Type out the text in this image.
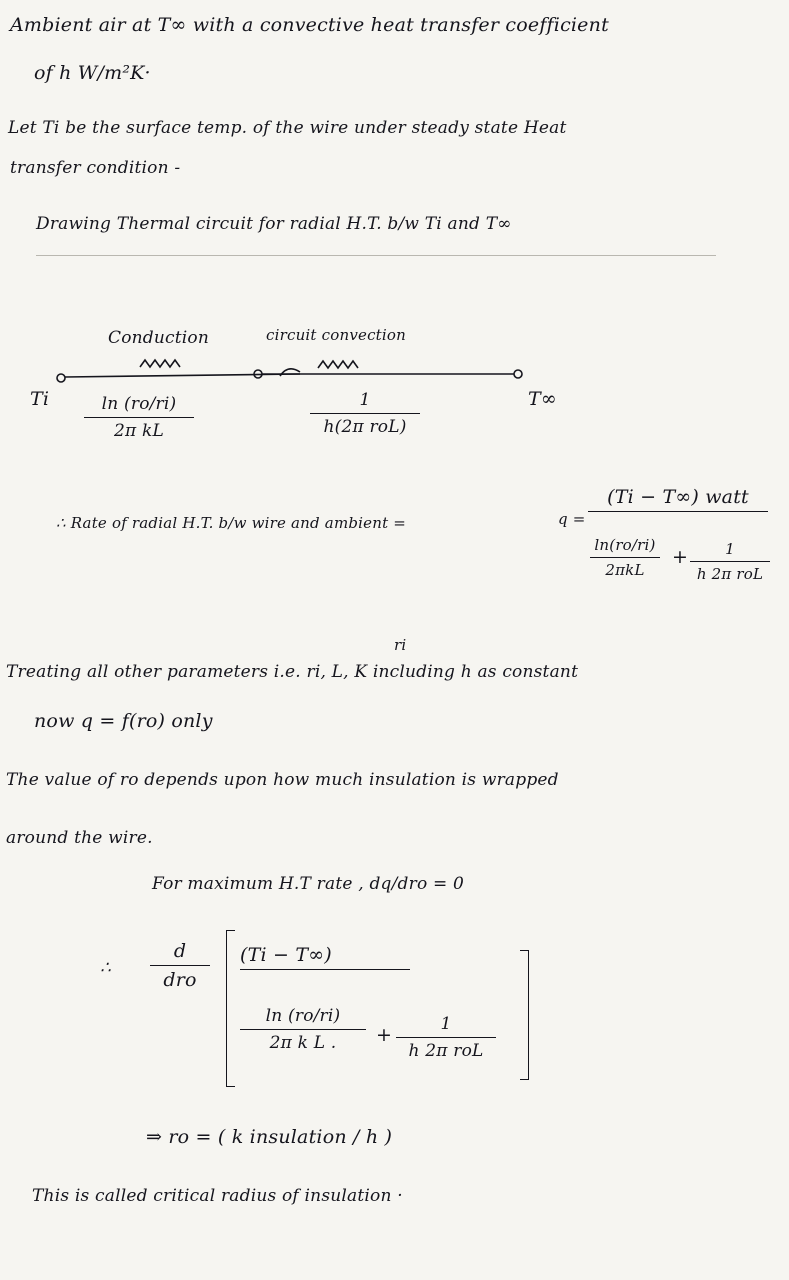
Ambient air at T∞ with a convective heat transfer coefficient
of h W/m²K·
Let Ti be the surface temp. of the wire under steady state Heat
transfer condition -
Drawing Thermal circuit for radial H.T. b/w Ti and T∞
Conduction	circuit convection
Ti	T∞
ln (ro/ri)
2π kL
1
h(2π roL)
∴ Rate of radial H.T. b/w wire and ambient =
(Ti − T∞) watt
q =
ln(ro/ri)
2πkL
+	1
h 2π roL
ri
Treating all other parameters i.e. ri, L, K including h as constant
now q = f(ro) only
The value of ro depends upon how much insulation is wrapped
around the wire.
For maximum H.T rate , dq/dro = 0
∴
d
dro
(Ti − T∞)
ln (ro/ri)
2π k L .	+	1
h 2π roL
⇒ ro = ( k insulation / h )
This is called critical radius of insulation ·
